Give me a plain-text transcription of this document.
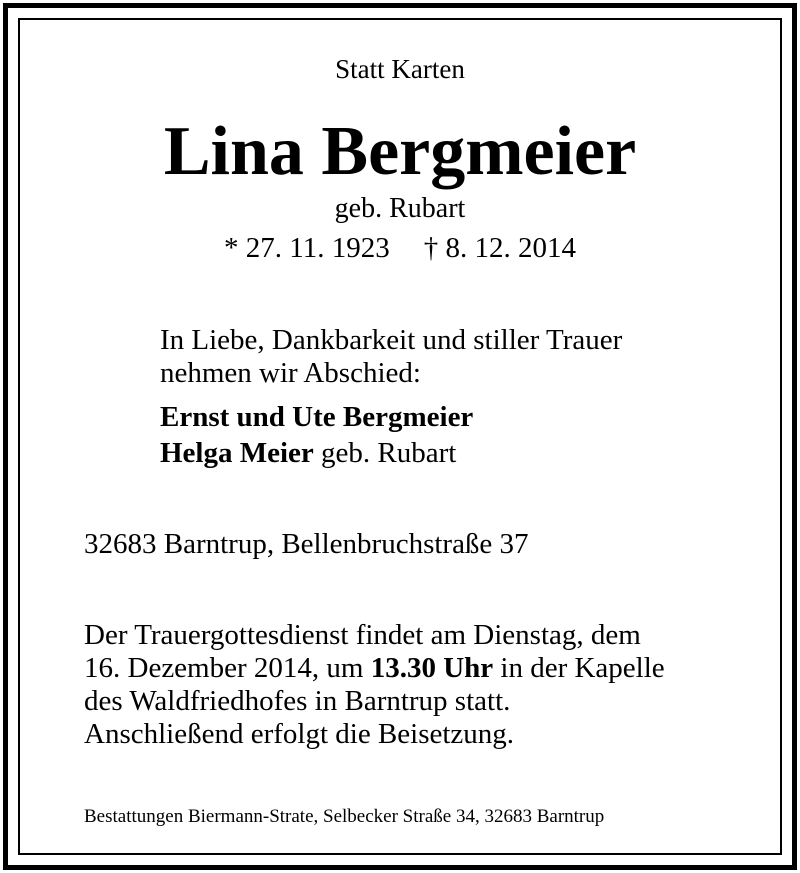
Statt Karten
Lina Bergmeier
geb. Rubart
* 27. 11. 1923 † 8. 12. 2014
In Liebe, Dankbarkeit und stiller Trauer
nehmen wir Abschied:
Ernst und Ute Bergmeier
Helga Meier geb. Rubart
32683 Barntrup, Bellenbruchstraße 37
Der Trauergottesdienst findet am Dienstag, dem
16. Dezember 2014, um 13.30 Uhr in der Kapelle
des Waldfriedhofes in Barntrup statt.
Anschließend erfolgt die Beisetzung.
Bestattungen Biermann-Strate, Selbecker Straße 34, 32683 Barntrup
